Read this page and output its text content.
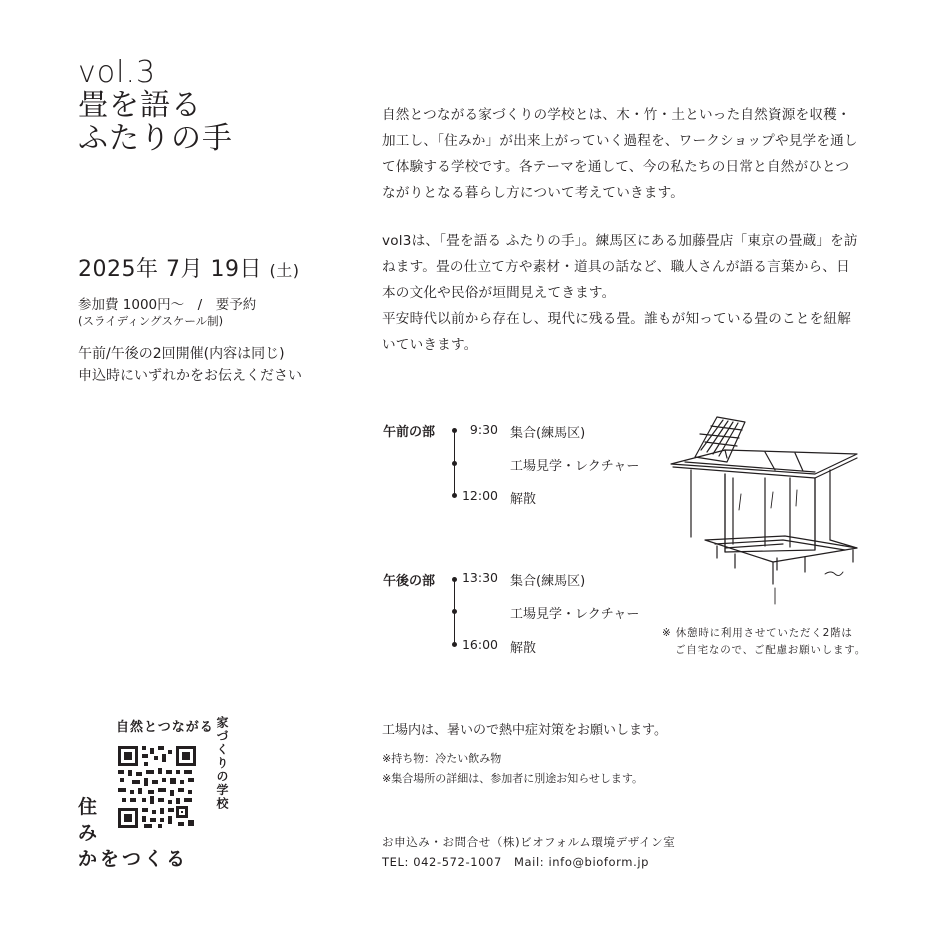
vol.3
畳を語る
ふたりの手
2025年 7月 19日 (土)
参加費 1000円～　/　要予約
(スライディングスケール制)
午前/午後の2回開催(内容は同じ)
申込時にいずれかをお伝えください
自然とつながる家づくりの学校とは、木・竹・土といった自然資源を収穫・加工し、「住みか」が出来上がっていく過程を、ワークショップや見学を通して体験する学校です。各テーマを通して、今の私たちの日常と自然がひとつながりとなる暮らし方について考えていきます。
vol3は、「畳を語る ふたりの手」。練馬区にある加藤畳店「東京の畳蔵」を訪ねます。畳の仕立て方や素材・道具の話など、職人さんが語る言葉から、日本の文化や民俗が垣間見えてきます。
平安時代以前から存在し、現代に残る畳。誰もが知っている畳のことを紐解いていきます。
午前の部	9:30 集合(練馬区)
工場見学・レクチャー
12:00 解散
午後の部	13:30 集合(練馬区)
工場見学・レクチャー
16:00 解散
※ 休憩時に利用させていただく2階は
ご自宅なので、ご配慮お願いします。
工場内は、暑いので熱中症対策をお願いします。
※持ち物：冷たい飲み物
※集合場所の詳細は、参加者に別途お知らせします。
お申込み・お問合せ（株)ビオフォルム環境デザイン室
TEL: 042-572-1007　Mail: info@bioform.jp
自然とつながる 家づくりの学校
住
み
かをつくる
